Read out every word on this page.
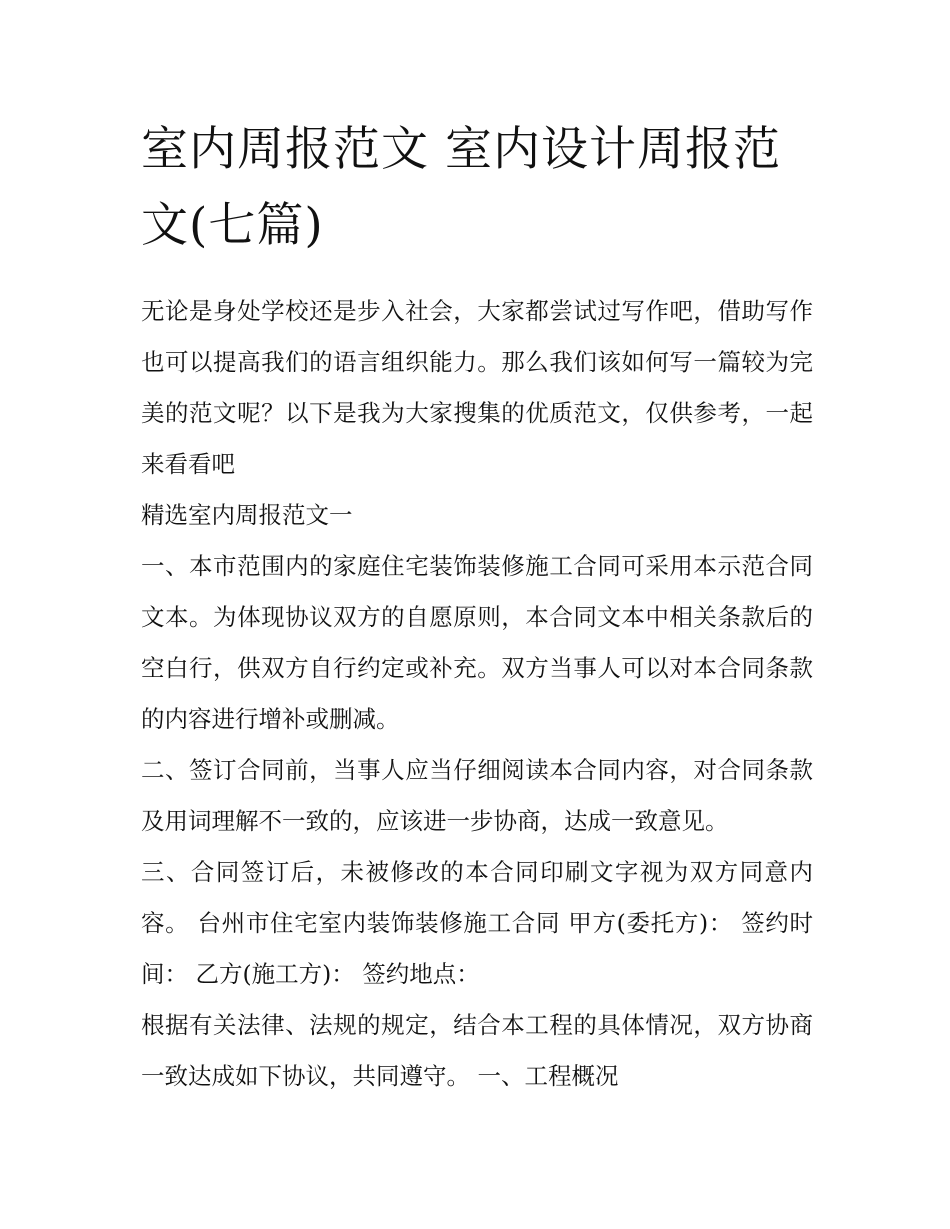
室内周报范文 室内设计周报范文(七篇)

无论是身处学校还是步入社会，大家都尝试过写作吧，借助写作也可以提高我们的语言组织能力。那么我们该如何写一篇较为完美的范文呢？以下是我为大家搜集的优质范文，仅供参考，一起来看看吧

精选室内周报范文一

一、本市范围内的家庭住宅装饰装修施工合同可采用本示范合同文本。为体现协议双方的自愿原则，本合同文本中相关条款后的空白行，供双方自行约定或补充。双方当事人可以对本合同条款的内容进行增补或删减。

二、签订合同前，当事人应当仔细阅读本合同内容，对合同条款及用词理解不一致的，应该进一步协商，达成一致意见。

三、合同签订后，未被修改的本合同印刷文字视为双方同意内容。 台州市住宅室内装饰装修施工合同 甲方(委托方)： 签约时间： 乙方(施工方)： 签约地点：

根据有关法律、法规的规定，结合本工程的具体情况，双方协商一致达成如下协议，共同遵守。 一、工程概况
